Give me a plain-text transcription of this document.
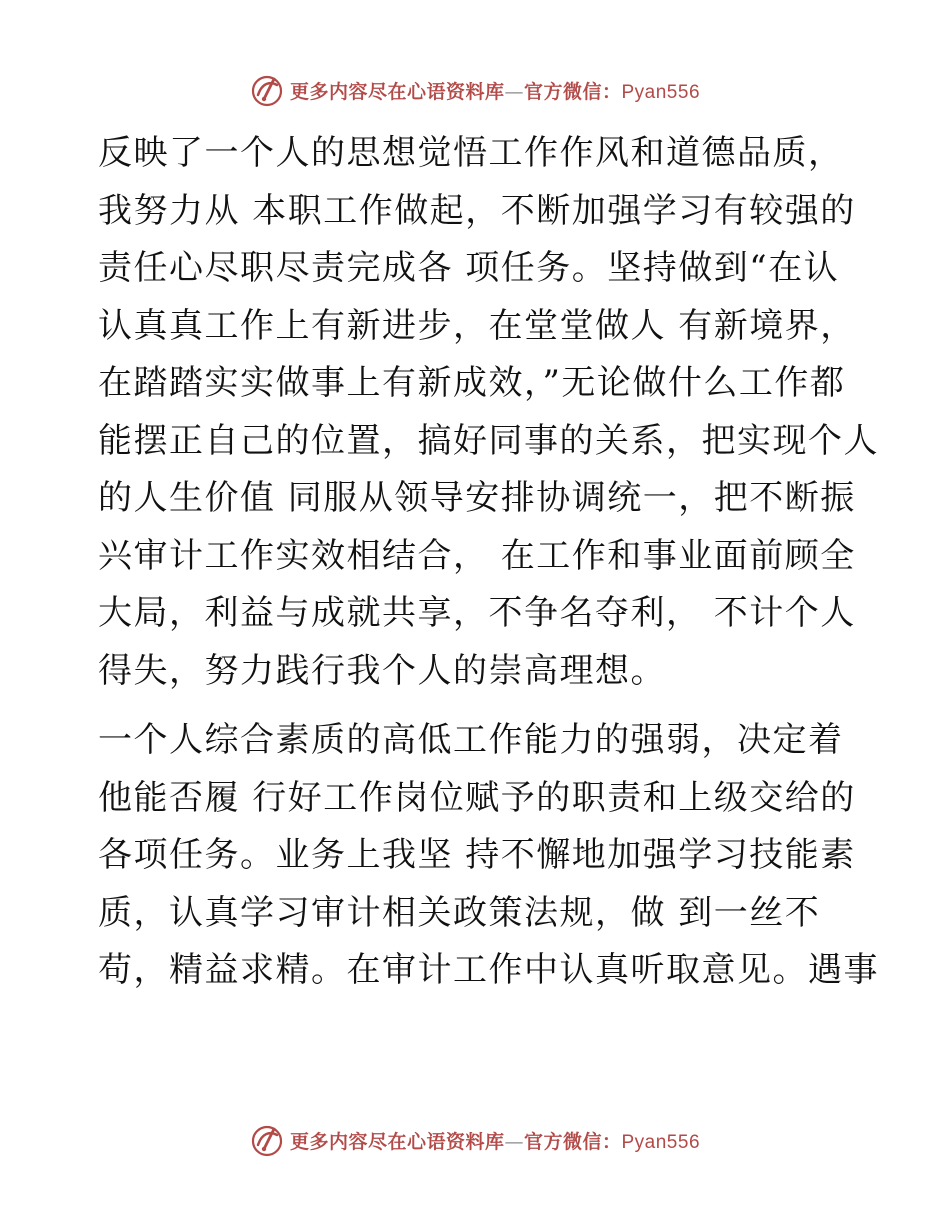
更多内容尽在心语资料库—官方微信：Pyan556

反映了一个人的思想觉悟工作作风和道德品质，
我努力从 本职工作做起，不断加强学习有较强的
责任心尽职尽责完成各 项任务。坚持做到“在认
认真真工作上有新进步，在堂堂做人 有新境界，
在踏踏实实做事上有新成效，”无论做什么工作都
能摆正自己的位置，搞好同事的关系，把实现个人
的人生价值 同服从领导安排协调统一，把不断振
兴审计工作实效相结合， 在工作和事业面前顾全
大局，利益与成就共享，不争名夺利， 不计个人
得失，努力践行我个人的崇高理想。

一个人综合素质的高低工作能力的强弱，决定着
他能否履 行好工作岗位赋予的职责和上级交给的
各项任务。业务上我坚 持不懈地加强学习技能素
质，认真学习审计相关政策法规，做 到一丝不
苟，精益求精。在审计工作中认真听取意见。遇事

更多内容尽在心语资料库—官方微信：Pyan556
